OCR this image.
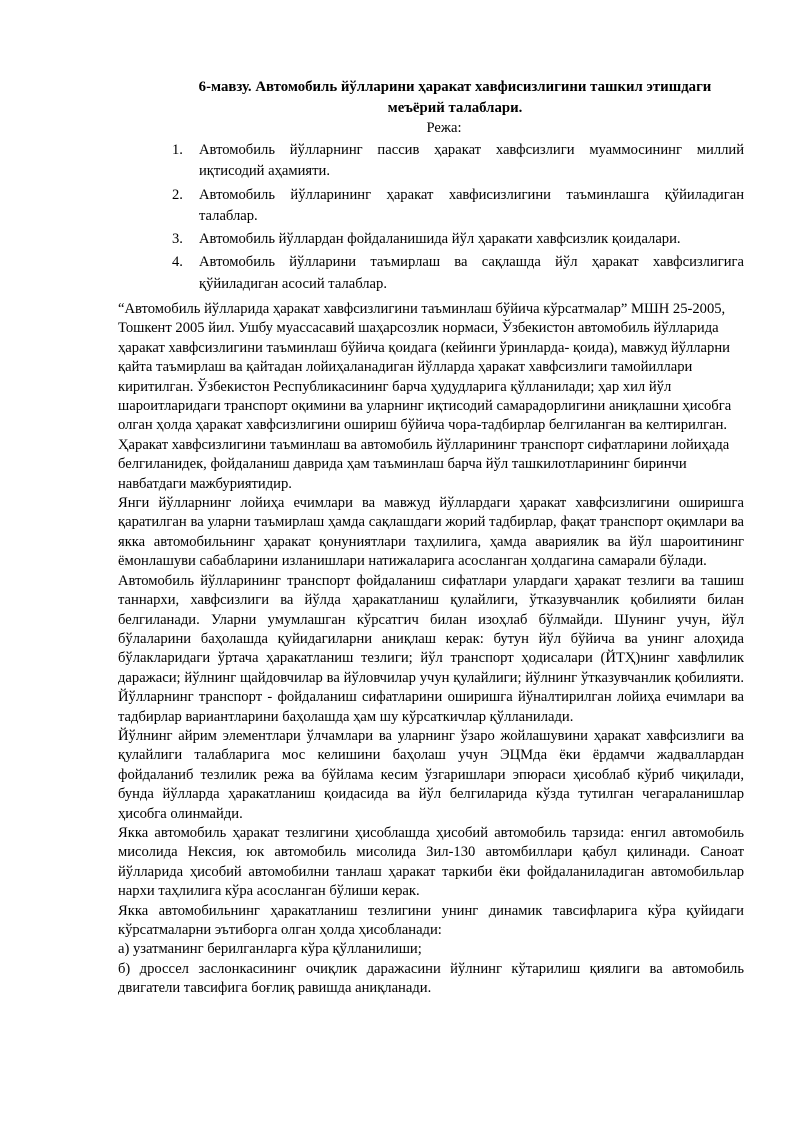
6-мавзу. Автомобиль йўлларини ҳаракат хавфисизлигини ташкил этишдаги
меъёрий талаблари.
Режа:
1. Автомобиль йўлларнинг пассив ҳаракат хавфсизлиги муаммосининг миллий иқтисодий аҳамияти.
2. Автомобиль йўлларининг ҳаракат хавфисизлигини таъминлашга қўйиладиган талаблар.
3. Автомобиль йўллардан фойдаланишида йўл ҳаракати хавфсизлик қоидалари.
4. Автомобиль йўлларини таъмирлаш ва сақлашда йўл ҳаракат хавфсизлигига қўйиладиган асосий талаблар.

“Автомобиль йўлларида ҳаракат хавфсизлигини таъминлаш бўйича кўрсатмалар” МШН 25-2005, Тошкент 2005 йил. Ушбу муассасавий шаҳарсозлик нормаси, Ўзбекистон автомобиль йўлларида ҳаракат хавфсизлигини таъминлаш бўйича қоидага (кейинги ўринларда- қоида), мавжуд йўлларни қайта таъмирлаш ва қайтадан лойиҳаланадиган йўлларда ҳаракат хавфсизлиги тамойиллари киритилган. Ўзбекистон Республикасининг барча ҳудудларига қўлланилади; ҳар хил йўл шароитларидаги транспорт оқимини ва уларнинг иқтисодий самарадорлигини аниқлашни ҳисобга олган ҳолда ҳаракат хавфсизлигини ошириш бўйича чора-тадбирлар белгиланган ва келтирилган. Ҳаракат хавфсизлигини таъминлаш ва автомобиль йўлларининг транспорт сифатларини лойиҳада белгиланидек, фойдаланиш даврида ҳам таъминлаш барча йўл ташкилотларининг биринчи навбатдаги мажбуриятидир.

Янги йўлларнинг лойиҳа ечимлари ва мавжуд йўллардаги ҳаракат хавфсизлигини оширишга қаратилган ва уларни таъмирлаш ҳамда сақлашдаги жорий тадбирлар, фақат транспорт оқимлари ва якка автомобильнинг ҳаракат қонуниятлари таҳлилига, ҳамда авариялик ва йўл шароитининг ёмонлашуви сабабларини изланишлари натижаларига асосланган ҳолдагина самарали бўлади.

Автомобиль йўлларининг транспорт фойдаланиш сифатлари улардаги ҳаракат тезлиги ва ташиш таннархи, хавфсизлиги ва йўлда ҳаракатланиш қулайлиги, ўтказувчанлик қобилияти билан белгиланади. Уларни умумлашган кўрсатгич билан изоҳлаб бўлмайди. Шунинг учун, йўл бўлаларини баҳолашда қуйидагиларни аниқлаш керак: бутун йўл бўйича ва унинг алоҳида бўлакларидаги ўртача ҳаракатланиш тезлиги; йўл транспорт ҳодисалари (ЙТҲ)нинг хавфлилик даражаси; йўлнинг щайдовчилар ва йўловчилар учун қулайлиги; йўлнинг ўтказувчанлик қобилияти. Йўлларнинг транспорт - фойдаланиш сифатларини оширишга йўналтирилган лойиҳа ечимлари ва тадбирлар вариантларини баҳолашда ҳам шу кўрсаткичлар қўлланилади.

Йўлнинг айрим элементлари ўлчамлари ва уларнинг ўзаро жойлашувини ҳаракат хавфсизлиги ва қулайлиги талабларига мос келишини баҳолаш учун ЭЦМда ёки ёрдамчи жадваллардан фойдаланиб тезлилик режа ва бўйлама кесим ўзгаришлари эпюраси ҳисоблаб кўриб чиқилади, бунда йўлларда ҳаракатланиш қоидасида ва йўл белгиларида кўзда тутилган чегараланишлар ҳисобга олинмайди.

Якка автомобиль ҳаракат тезлигини ҳисоблашда ҳисобий автомобиль тарзида: енгил автомобиль мисолида Нексия, юк автомобиль мисолида Зил-130 автомбиллари қабул қилинади. Саноат йўлларида ҳисобий автомобилни танлаш ҳаракат таркиби ёки фойдаланиладиган автомобильлар нархи таҳлилига кўра асосланган бўлиши керак.

Якка автомобильнинг ҳаракатланиш тезлигини унинг динамик тавсифларига кўра қуйидаги кўрсатмаларни эътиборга олган ҳолда ҳисобланади:

а) узатманинг берилганларга кўра қўлланилиши;

б) дроссел заслонкасининг очиқлик даражасини йўлнинг кўтарилиш қиялиги ва автомобиль двигатели тавсифига боғлиқ равишда аниқланади.
